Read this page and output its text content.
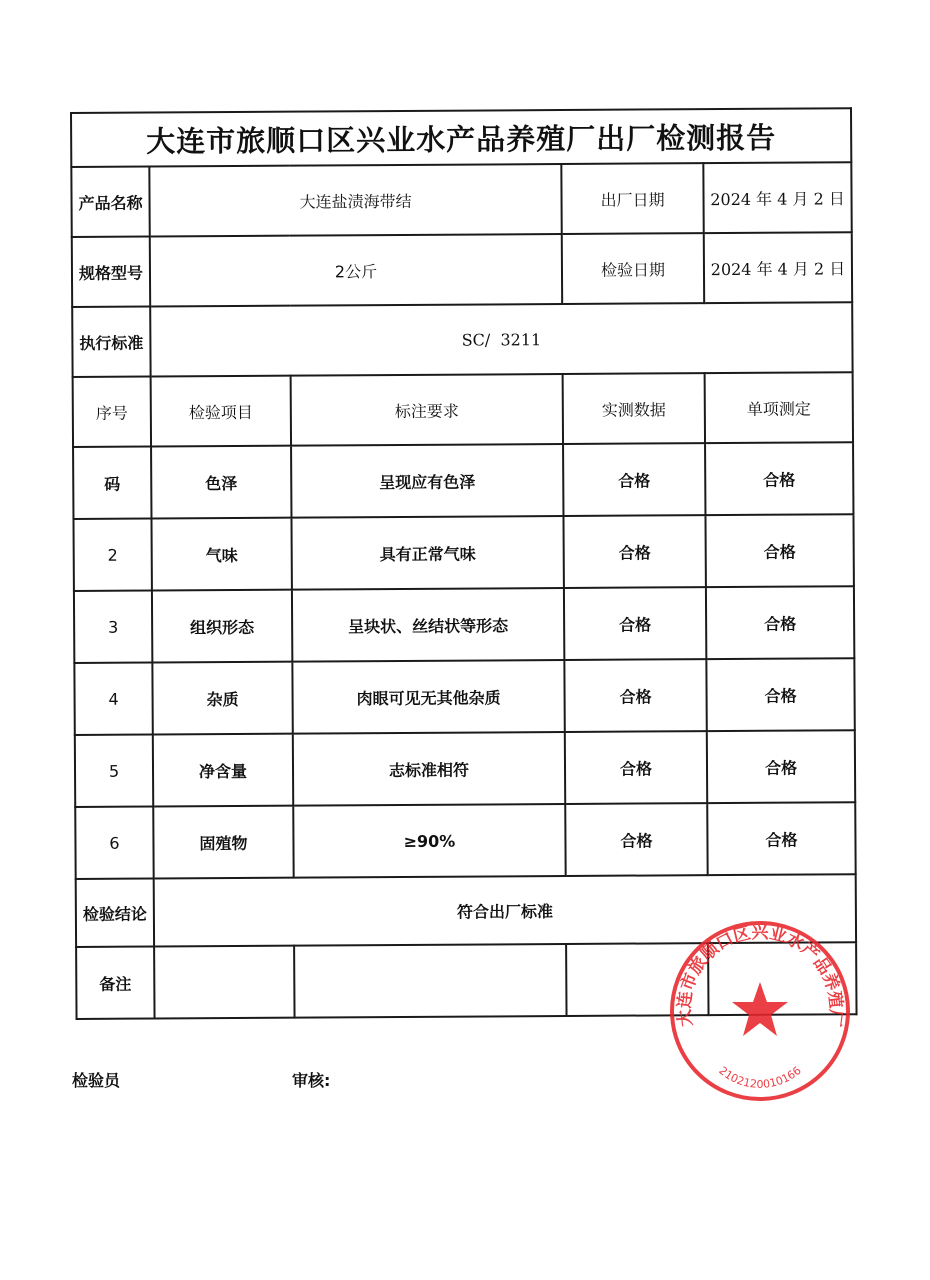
大连市旅顺口区兴业水产品养殖厂出厂检测报告				
产品名称	大连盐渍海带结		出厂日期	2024 年 4 月 2 日
规格型号	2公斤		检验日期	2024 年 4 月 2 日
执行标准	SC/  3211			
序号	检验项目	标注要求	实测数据	单项测定
码	色泽	呈现应有色泽	合格	合格
2	气味	具有正常气味	合格	合格
3	组织形态	呈块状、丝结状等形态	合格	合格
4	杂质	肉眼可见无其他杂质	合格	合格
5	净含量	志标准相符	合格	合格
6	固殖物	≥90%	合格	合格
检验结论	符合出厂标准			
备注				
检验员	审核:
大连市旅顺口区兴业水产品养殖厂
2102120010166
